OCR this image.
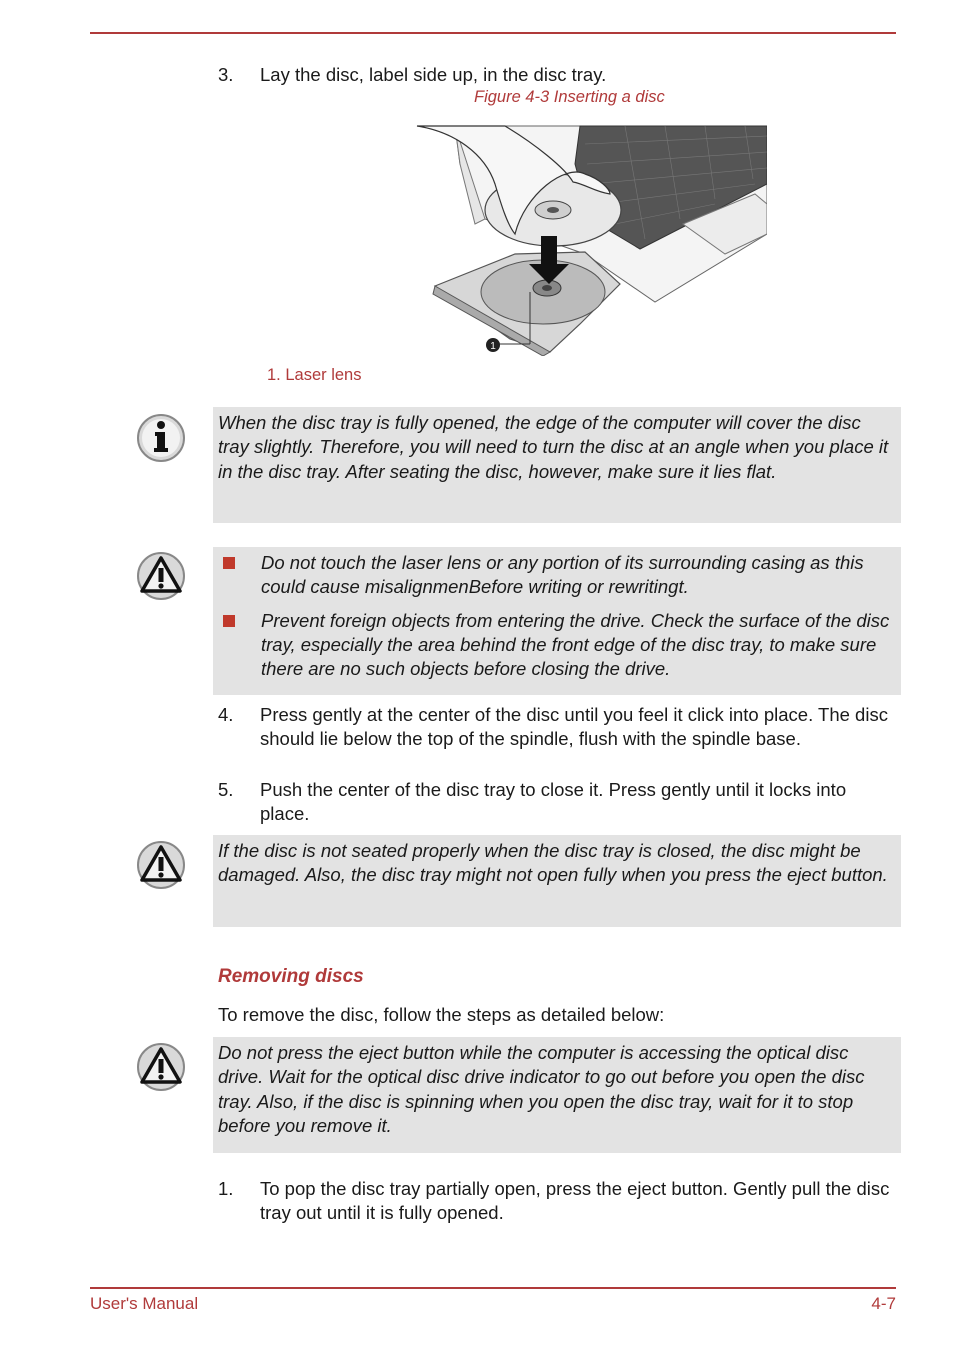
3.	Lay the disc, label side up, in the disc tray.
Figure 4-3 Inserting a disc
1
1. Laser lens
When the disc tray is fully opened, the edge of the computer will cover the disc tray slightly. Therefore, you will need to turn the disc at an angle when you place it in the disc tray. After seating the disc, however, make sure it lies flat.
Do not touch the laser lens or any portion of its surrounding casing as this could cause misalignmenBefore writing or rewritingt.
Prevent foreign objects from entering the drive. Check the surface of the disc tray, especially the area behind the front edge of the disc tray, to make sure there are no such objects before closing the drive.
4.	Press gently at the center of the disc until you feel it click into place. The disc should lie below the top of the spindle, flush with the spindle base.
5.	Push the center of the disc tray to close it. Press gently until it locks into place.
If the disc is not seated properly when the disc tray is closed, the disc might be damaged. Also, the disc tray might not open fully when you press the eject button.
Removing discs
To remove the disc, follow the steps as detailed below:
Do not press the eject button while the computer is accessing the optical disc drive. Wait for the optical disc drive indicator to go out before you open the disc tray. Also, if the disc is spinning when you open the disc tray, wait for it to stop before you remove it.
1.	To pop the disc tray partially open, press the eject button. Gently pull the disc tray out until it is fully opened.
User's Manual	4-7
